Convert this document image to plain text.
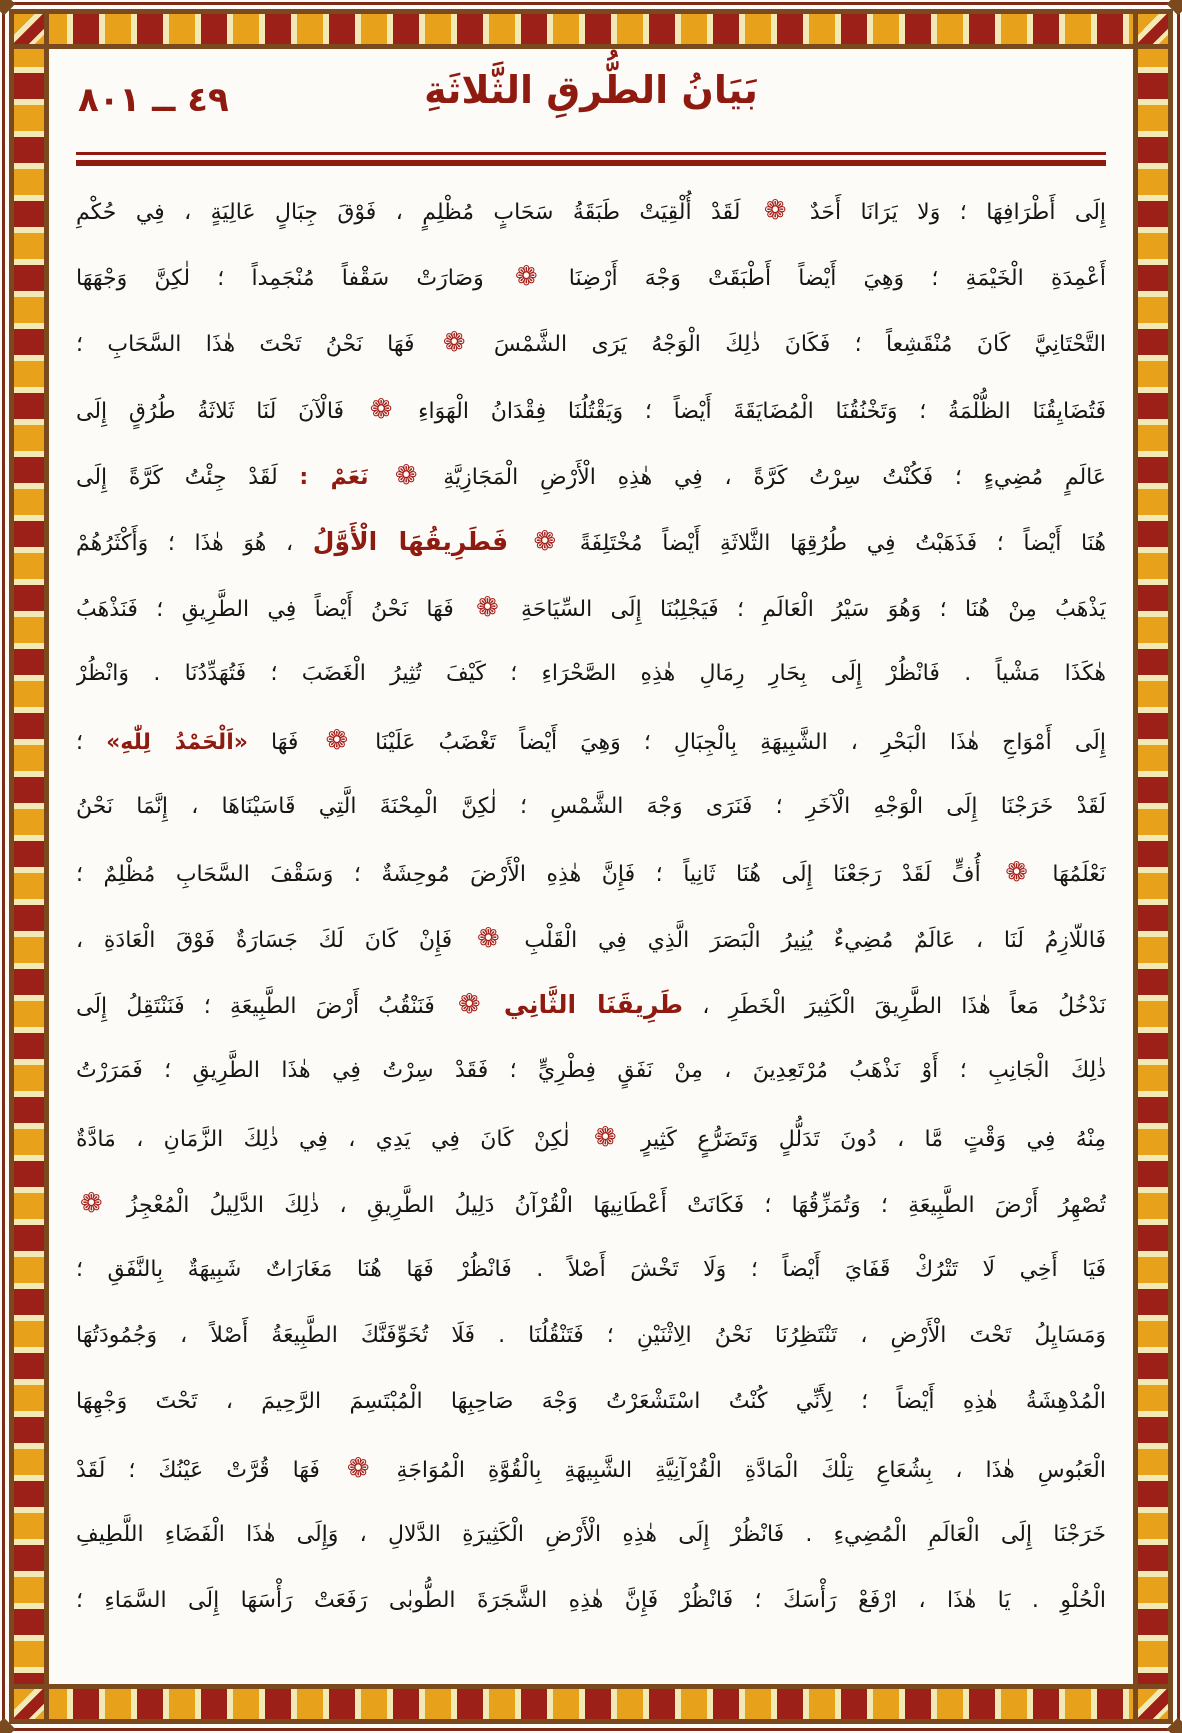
٤٩ ــ ٨٠١	بَيَانُ الطُّرقِ الثَّلاثَةِ
إِلَى أَطْرَافِهَا ؛ وَلا يَرَانَا أَحَدٌ ❁ لَقَدْ أُلْقِيَتْ طَبَقَةُ سَحَابٍ مُظْلِمٍ ، فَوْقَ جِبَالٍ عَالِيَةٍ ، فِي حُكْمِ
أَعْمِدَةِ الْخَيْمَةِ ؛ وَهِيَ أَيْضاً أَطْبَقَتْ وَجْهَ أَرْضِنَا ❁ وَصَارَتْ سَقْفاً مُنْجَمِداً ؛ لٰكِنَّ وَجْهَهَا
التَّحْتَانِيَّ كَانَ مُنْقَشِعاً ؛ فَكَانَ ذٰلِكَ الْوَجْهُ يَرَى الشَّمْسَ ❁ فَهَا نَحْنُ تَحْتَ هٰذَا السَّحَابِ ؛
فَتُضَايِقُنَا الظُّلْمَةُ ؛ وَتَخْنُقُنَا الْمُضَايَقَةَ أَيْضاً ؛ وَيَقْتُلُنَا فِقْدَانُ الْهَوَاءِ ❁ فَالْآنَ لَنَا ثَلاثَةُ طُرُقٍ إِلَى
عَالَمٍ مُضِيءٍ ؛ فَكُنْتُ سِرْتُ كَرَّةً ، فِي هٰذِهِ الْأَرْضِ الْمَجَازِيَّةِ ❁ نَعَمْ : لَقَدْ جِئْتُ كَرَّةً إِلَى
هُنَا أَيْضاً ؛ فَذَهَبْتُ فِي طُرُقِهَا الثَّلاثَةِ أَيْضاً مُخْتَلِفَةً ❁ فَطَرِيقُهَا الْأَوَّلُ ، هُوَ هٰذَا ؛ وَأَكْثَرُهُمْ
يَذْهَبُ مِنْ هُنَا ؛ وَهُوَ سَيْرُ الْعَالَمِ ؛ فَيَجْلِبُنَا إِلَى السِّيَاحَةِ ❁ فَهَا نَحْنُ أَيْضاً فِي الطَّرِيقِ ؛ فَنَذْهَبُ
هٰكَذَا مَشْياً . فَانْظُرْ إِلَى بِحَارِ رِمَالِ هٰذِهِ الصَّحْرَاءِ ؛ كَيْفَ تُثِيرُ الْغَضَبَ ؛ فَتُهَدِّدُنَا . وَانْظُرْ
إِلَى أَمْوَاجِ هٰذَا الْبَحْرِ ، الشَّبِيهَةِ بِالْجِبَالِ ؛ وَهِيَ أَيْضاً تَغْضَبُ عَلَيْنَا ❁ فَهَا «اَلْحَمْدُ لِلّٰهِ» ؛
لَقَدْ خَرَجْنَا إِلَى الْوَجْهِ الْآخَرِ ؛ فَنَرَى وَجْهَ الشَّمْسِ ؛ لٰكِنَّ الْمِحْنَةَ الَّتِي قَاسَيْنَاهَا ، إِنَّمَا نَحْنُ
نَعْلَمُهَا ❁ أُفٍّ لَقَدْ رَجَعْنَا إِلَى هُنَا ثَانِياً ؛ فَإِنَّ هٰذِهِ الْأَرْضَ مُوحِشَةٌ ؛ وَسَقْفَ السَّحَابِ مُظْلِمٌ ؛
فَاللّازِمُ لَنَا ، عَالَمٌ مُضِيءٌ يُنِيرُ الْبَصَرَ الَّذِي فِي الْقَلْبِ ❁ فَإِنْ كَانَ لَكَ جَسَارَةٌ فَوْقَ الْعَادَةِ ،
نَدْخُلُ مَعاً هٰذَا الطَّرِيقَ الْكَثِيرَ الْخَطَرِ ، طَرِيقَنَا الثَّانِي ❁ فَنَنْقُبُ أَرْضَ الطَّبِيعَةِ ؛ فَنَنْتَقِلُ إِلَى
ذٰلِكَ الْجَانِبِ ؛ أَوْ نَذْهَبُ مُرْتَعِدِينَ ، مِنْ نَفَقٍ فِطْرِيٍّ ؛ فَقَدْ سِرْتُ فِي هٰذَا الطَّرِيقِ ؛ فَمَرَرْتُ
مِنْهُ فِي وَقْتٍ مَّا ، دُونَ تَدَلُّلٍ وَتَضَرُّعٍ كَثِيرٍ ❁ لٰكِنْ كَانَ فِي يَدِي ، فِي ذٰلِكَ الزَّمَانِ ، مَادَّةٌ
تُصْهِرُ أَرْضَ الطَّبِيعَةِ ؛ وَتُمَزِّقُهَا ؛ فَكَانَتْ أَعْطَانِيهَا الْقُرْآنُ دَلِيلُ الطَّرِيقِ ، ذٰلِكَ الدَّلِيلُ الْمُعْجِزُ ❁
فَيَا أَخِي لَا تَتْرُكْ قَفَايَ أَيْضاً ؛ وَلَا تَخْشَ أَصْلاً . فَانْظُرْ فَهَا هُنَا مَغَارَاتٌ شَبِيهَةٌ بِالنَّفَقِ ؛
وَمَسَايِلُ تَحْتَ الْأَرْضِ ، تَنْتَظِرُنَا نَحْنُ الِاثْنَيْنِ ؛ فَتَنْقُلُنَا . فَلَا تُخَوِّفَنَّكَ الطَّبِيعَةُ أَصْلاً ، وَجُمُودَتُهَا
الْمُدْهِشَةُ هٰذِهِ أَيْضاً ؛ لِأَنِّي كُنْتُ اسْتَشْعَرْتُ وَجْهَ صَاحِبِهَا الْمُبْتَسِمَ الرَّحِيمَ ، تَحْتَ وَجْهِهَا
الْعَبُوسِ هٰذَا ، بِشُعَاعِ تِلْكَ الْمَادَّةِ الْقُرْآنِيَّةِ الشَّبِيهَةِ بِالْقُوَّةِ الْمُوَاجَةِ ❁ فَهَا قُرَّتْ عَيْنُكَ ؛ لَقَدْ
خَرَجْنَا إِلَى الْعَالَمِ الْمُضِيءِ . فَانْظُرْ إِلَى هٰذِهِ الْأَرْضِ الْكَثِيرَةِ الدَّلالِ ، وَإِلَى هٰذَا الْفَضَاءِ اللَّطِيفِ
الْحُلْوِ . يَا هٰذَا ، ارْفَعْ رَأْسَكَ ؛ فَانْظُرْ فَإِنَّ هٰذِهِ الشَّجَرَةَ الطُّوبٰى رَفَعَتْ رَأْسَهَا إِلَى السَّمَاءِ ؛
